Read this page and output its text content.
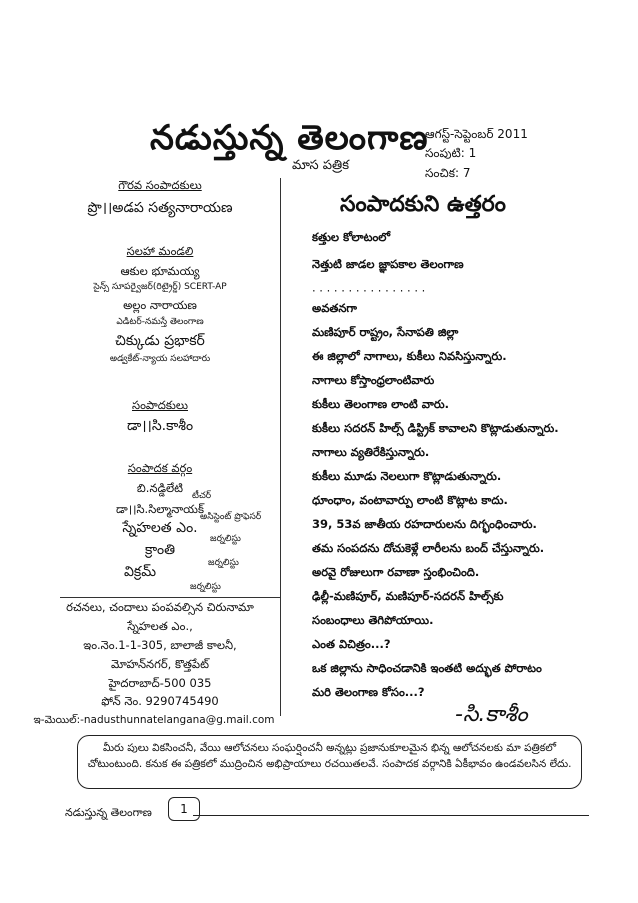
నడుస్తున్న తెలంగాణ
మాస పత్రిక
ఆగస్ట్-సెప్టెంబర్ 2011
సంపుటి: 1
సంచిక: 7
గౌరవ సంపాదకులు
ప్రొ।।అడప సత్యనారాయణ
సలహా మండలి
ఆకుల భూమయ్య
సైన్స్ సూపర్వైజర్(రిట్రైర్డ్) SCERT-AP
అల్లం నారాయణ
ఎడిటర్-నమస్తే తెలంగాణ
చిక్కుడు ప్రభాకర్
అడ్వకేట్-న్యాయ సలహాదారు
సంపాదకులు
డా।।సి.కాశీం
సంపాదక వర్గం
బి.నడ్డిలేటి
టీచర్
డా।।సి.సిల్మానాయక్
అసిస్టెంట్ ప్రొఫెసర్
స్నేహలత ఎం.
జర్నలిస్టు
క్రాంతి
జర్నలిస్టు
విక్రమ్
జర్నలిస్టు
రచనలు, చందాలు పంపవల్సిన చిరునామా
స్నేహలత ఎం.,
ఇం.నెం.1-1-305, బాలాజీ కాలనీ,
మోహన్‌నగర్, కొత్తపేట్
హైదరాబాద్-500 035
ఫోన్ నెం. 9290745490
ఇ-మెయిల్:-nadusthunnatelangana@g.mail.com
సంపాదకుని ఉత్తరం
కత్తుల కోలాటంలో
నెత్తుటి జాడల జ్ఞాపకాల తెలంగాణ
· · · · · · · · · · · · · · · ·
అవతనగా
మణిపూర్ రాష్ట్రం, సేనాపతి జిల్లా
ఈ జిల్లాలో నాగాలు, కుకీలు నివసిస్తున్నారు.
నాగాలు కోస్తాంధ్రలాంటివారు
కుకీలు తెలంగాణ లాంటి వారు.
కుకీలు సదరన్ హిల్స్ డిస్ట్రిక్ కావాలని కొట్లాడుతున్నారు.
నాగాలు వ్యతిరేకిస్తున్నారు.
కుకీలు మూడు నెలలుగా కొట్లాడుతున్నారు.
ధూంధాం, వంటావార్పు లాంటి కొట్లాట కాదు.
39, 53వ జాతీయ రహదారులను దిగ్భంధించారు.
తమ సంపదను దోచుకెళ్లే లారీలను బంద్ చేస్తున్నారు.
అరవై రోజులుగా రవాణా స్తంభించింది.
ఢిల్లీ-మణిపూర్, మణిపూర్-సదరన్ హిల్స్‌కు
సంబంధాలు తెగిపోయాయి.
ఎంత విచిత్రం...?
ఒక జిల్లాను సాధించడానికి ఇంతటి అద్భుత పోరాటం
మరి తెలంగాణ కోసం...?
-సి.కాశీం
మీరు పులు వికసించనీ, వేయి ఆలోచనలు సంఘర్షించనీ అన్నట్లు ప్రజానుకూలమైన భిన్న ఆలోచనలకు మా పత్రికలో చోటుంటుంది. కనుక ఈ పత్రికలో ముద్రించిన అభిప్రాయాలు రచయితలవే. సంపాదక వర్గానికి ఏకీభావం ఉండవలసిన లేదు.
నడుస్తున్న తెలంగాణ	1
